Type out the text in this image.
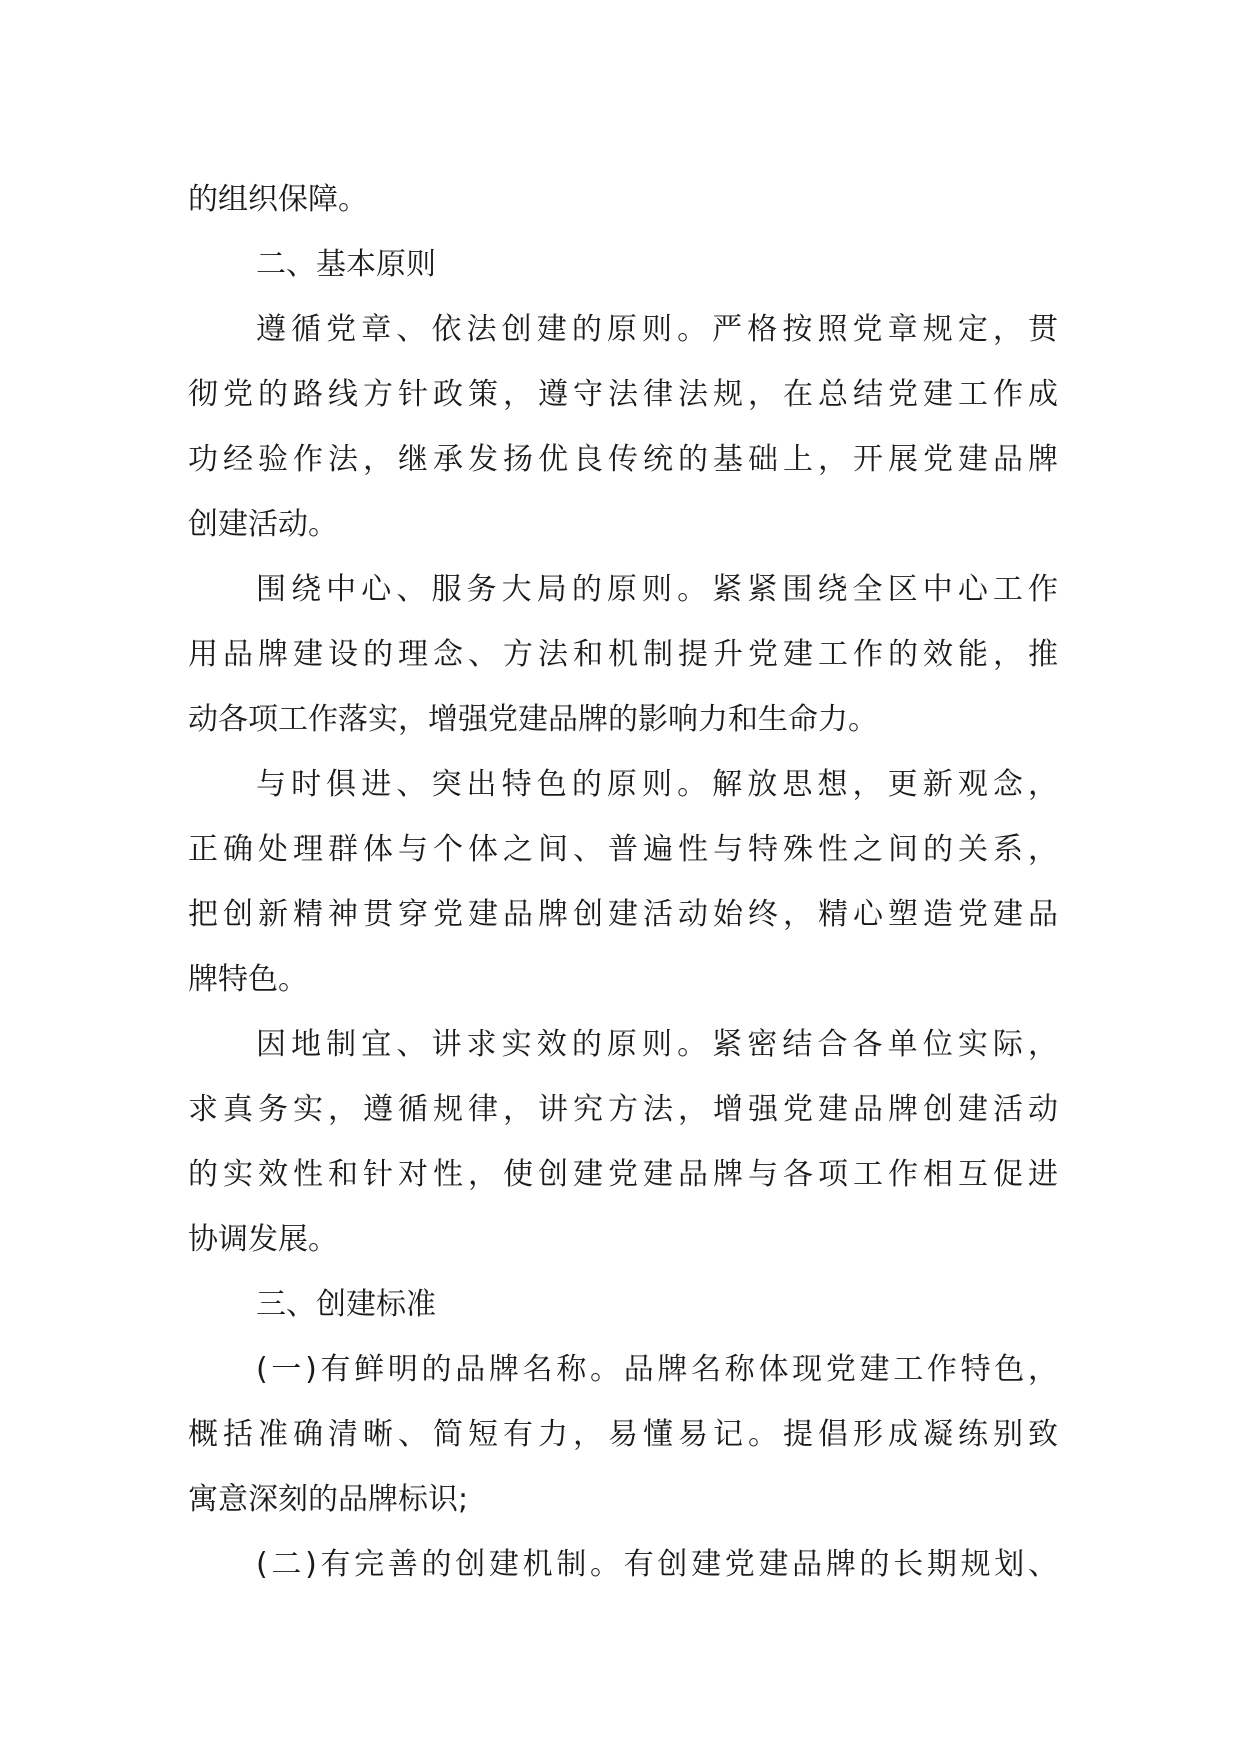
的组织保障。
二、基本原则
遵循党章、依法创建的原则。严格按照党章规定，贯
彻党的路线方针政策，遵守法律法规，在总结党建工作成
功经验作法，继承发扬优良传统的基础上，开展党建品牌
创建活动。
围绕中心、服务大局的原则。紧紧围绕全区中心工作
用品牌建设的理念、方法和机制提升党建工作的效能，推
动各项工作落实，增强党建品牌的影响力和生命力。
与时俱进、突出特色的原则。解放思想，更新观念，
正确处理群体与个体之间、普遍性与特殊性之间的关系，
把创新精神贯穿党建品牌创建活动始终，精心塑造党建品
牌特色。
因地制宜、讲求实效的原则。紧密结合各单位实际，
求真务实，遵循规律，讲究方法，增强党建品牌创建活动
的实效性和针对性，使创建党建品牌与各项工作相互促进
协调发展。
三、创建标准
(一)有鲜明的品牌名称。品牌名称体现党建工作特色，
概括准确清晰、简短有力，易懂易记。提倡形成凝练别致
寓意深刻的品牌标识;
(二)有完善的创建机制。有创建党建品牌的长期规划、
